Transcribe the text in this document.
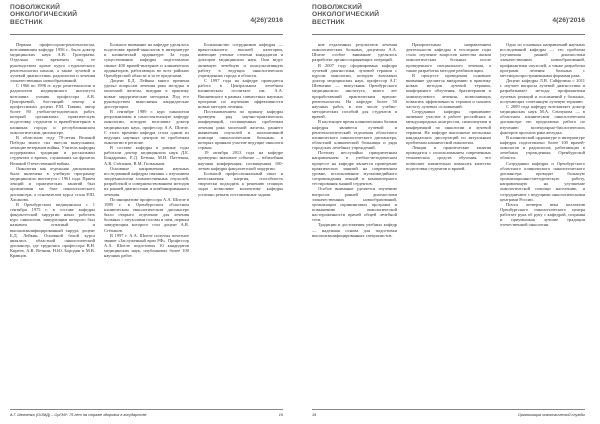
ПОВОЛЖСКИЙ
ОНКОЛОГИЧЕСКИЙ
ВЕСТНИК	4(26)'2016

Первым профессором-рентгенологом, возглавившим кафедру 1956 г., была доктор медицинских наук А.В. Григорьева. Отдельно тем временем под ее руководством кроме курса студенческого рентгенологии начали, а также лучевой и лучевой диагностики, радиологии и лечения злокачественных новообразований.

С 1966 по 1998 гг. курс рентгенологии и радиологии медицинского института возглавил ученик профессора А.В. Григорьевой, блестящий лектор и профессионал доцент Р.М. Тавкин, автор более 80 учебно-методических работ, который организовал практическую подготовку студентов и врачей-интернов в клиниках города и республиканском онкологическом диспансере.

В областном году 70-летия Великой Победы много сил внесли выпускники, лечащие ветеранов войны. Учитель кафедры поддерживал традиции и рассказывал студентам о врачах, служивших на фронтах Великой Отечественной войны.

Онкология как отдельная дисциплина была включена в учебную программу медицинского института с 1961 года. Прием лекций и практических занятий был организован на базе онкологического диспансера, а основателем курса стала Р.Ш. Хасанова.

В Оренбургском медицинском с 1 сентября 1975 г. в составе кафедры факультетской хирургии начал работать курс онкологии, заведующим которого был назначен опытный и высококвалифицированный хирург, доцент Б.Д. Лейкин. Основной базой курса являлась областной онкологический диспансер, где трудились профессора В.Н. Киреев, А.В. Ветнин, Н.Ю. Бородин и М.В. Кравцов.

Большое внимание на кафедре уделялось подготовке врачей-онкологов в интернатуре и клинической ординатуре. За годы существования кафедры подготовлено свыше 400 врачей-интернов и клинических ординаторов, работающих во всех районах Оренбургской области и за ее пределами.

Доцент Б.Д. Лейкин много времени уделял вопросам лечения рака желудка и молочной железы, внедряя в практику новые хирургические методики. Под его руководством выполнены кандидатские диссертации.

В сентябре 1989 г. курс онкологии реорганизован в самостоятельную кафедру онкологии, которую возглавил доктор медицинских наук, профессор А.А. Шпеле. С этого времени кафедра стала одним из ведущих научных центров по проблемам онкологии в регионе.

В составе кафедры в разные годы работали доктор медицинских наук Д.Е. Бондаренко, Е.Д. Бетина, М.И. Паттекин, А.В. Стёпанов, В.М. Гильманов.

Основные направления научных исследований кафедры связаны с изучением эпидемиологии злокачественных опухолей, разработкой и совершенствованием методов их ранней диагностики и комбинированного лечения.

По инициативе профессора А.А. Шпеле в 1989 г. в Оренбургском областном клиническом онкологическом диспансере было открыто отделение для лечения больных с опухолями головы и шеи, первым заведующим которого стал доцент А.В. Стёпанов.

В 1997 г. А.А. Шпеле получил почетное звание «Заслуженный врач РФ». Профессор А.А. Шпеле подготовил 10 кандидатов медицинских наук, опубликовал более 100 научных работ.

Большинство сотрудников кафедры — врачи-онкологи высшей категории, имеющие ученые степени кандидатов и докторов медицинских наук. Они ведут активную лечебную и консультативную работу в ведущих онкологических учреждениях города и области.

С 1997 года на кафедре проводится работа в Центральном лечебном клиническом госпитале им. А.А. Вишневского в рамках совместных научных программ по изучению эффективности новых методов лечения.

Постановлением по приказу кафедры проведен ряд научно-практических конференций, посвященных проблемам лечения рака молочной железы, раннего выявления опухолей и паллиативной помощи онкологическим больным, в которых приняли участие ведущие онкологи страны.

19 октября 2013 года на кафедре проведено значимое событие — юбилейная научная конференция, посвященная 100-летию кафедры факультетской хирургии.

Большой профессиональный опыт и неиссякаемая энергия, способность творчески подходить к решению стоящих задач позволяют коллективу кафедры успешно решать поставленные задачи.

А.Г. Шевченко (ООМД) – ОрГМУ: 75 лет на страже здоровья в государстве	15
ПОВОЛЖСКИЙ
ОНКОЛОГИЧЕСКИЙ
ВЕСТНИК	4(26)'2016

ние отдаленных результатов лечения онкологических больных, доцентом А.А. Шпеле особое внимание уделялось разработке органосохраняющих операций.

В 2007 году сформирована кафедра лучевой диагностики, лучевой терапии с курсом онкологии, которую возглавил доктор медицинских наук, профессор А.Г. Шевченко — выпускник Оренбургского медицинского института, много лет проработавший практическим врачом-рентгенологом. На кафедре более 50 научных работ, в том числе учебно-методических пособий для студентов и врачей.

В настоящее время клиническими базами кафедры являются лучевой и рентгенологический отделения областного клинического онкологического диспансера, областной клинической больницы и ряда городских лечебных учреждений.

Поэтому неслучайно приоритетным направлением в учебно-методическом процессе на кафедре является проведение практических занятий на современном уровне, использование мультимедийного сопровождения лекций и компьютерного тестирования знаний студентов.

Особое внимание уделяется изучению вопросов ранней диагностики злокачественных новообразований, организации скрининговых программ и повышению онкологической настороженности врачей общей лечебной сети.

Традиции и достижения учебных кафедр — надежная основа для подготовки высококвалифицированных специалистов.

Приоритетным направлением деятельности кафедры в последние годы стало изучение вопросов качества жизни онкологических больных после проведенного специального лечения, а также разработка методов реабилитации.

В процессе проведения основное внимание уделяется внедрению в практику новых методов лучевой терапии, конформного облучения, брахитерапии и химиолучевого лечения, позволяющих повысить эффективность терапии и снизить частоту лучевых осложнений.

Сотрудники кафедры принимают активное участие в работе российских и международных конгрессов, симпозиумов и конференций по онкологии и лучевой терапии. На кафедре выполнено несколько кандидатских диссертаций по актуальным проблемам клинической онкологии.

Лекции и практические занятия проводятся с использованием современных технических средств обучения, что позволяет значительно повысить качество подготовки студентов и врачей.

Одно из основных направлений научных исследований кафедры — это проблема улучшения ранней диагностики злокачественных новообразований, профилактики опухолей, а также разработка программ лечения больных с местнораспространенными формами рака.

Доцент кафедры Л.В. Сайфулина с 2011 г. изучает вопросы лучевой диагностики и разрабатывает методы профилактики лучевых реакций и осложнений у больных, получающих сочетанную лучевую терапию.

С 2009 года кафедру возглавляет доктор медицинских наук М.А. Сенчукова — в областном клиническом онкологическом диспансере ею продолжена работа по изучению молекулярно-биологических факторов прогноза рака желудка.

В клинической ординатуре и интернатуре кафедры подготовлено более 100 врачей-онкологов и радиологов, работающих в лечебных учреждениях Оренбургской области.

Сотрудники кафедры и Оренбургского областного клинического онкологического диспансера проводят большую организационно-методическую работу, направленную на улучшение онкологической помощи населению, и сотрудничают с ведущими онкологическими центрами России.

Почти четверть века коллектив Оренбургского онкологического центра работает рука об руку с кафедрой, сохраняя и приумножая лучшие традиции отечественной онкологии.

16	Организация онкологической службы
